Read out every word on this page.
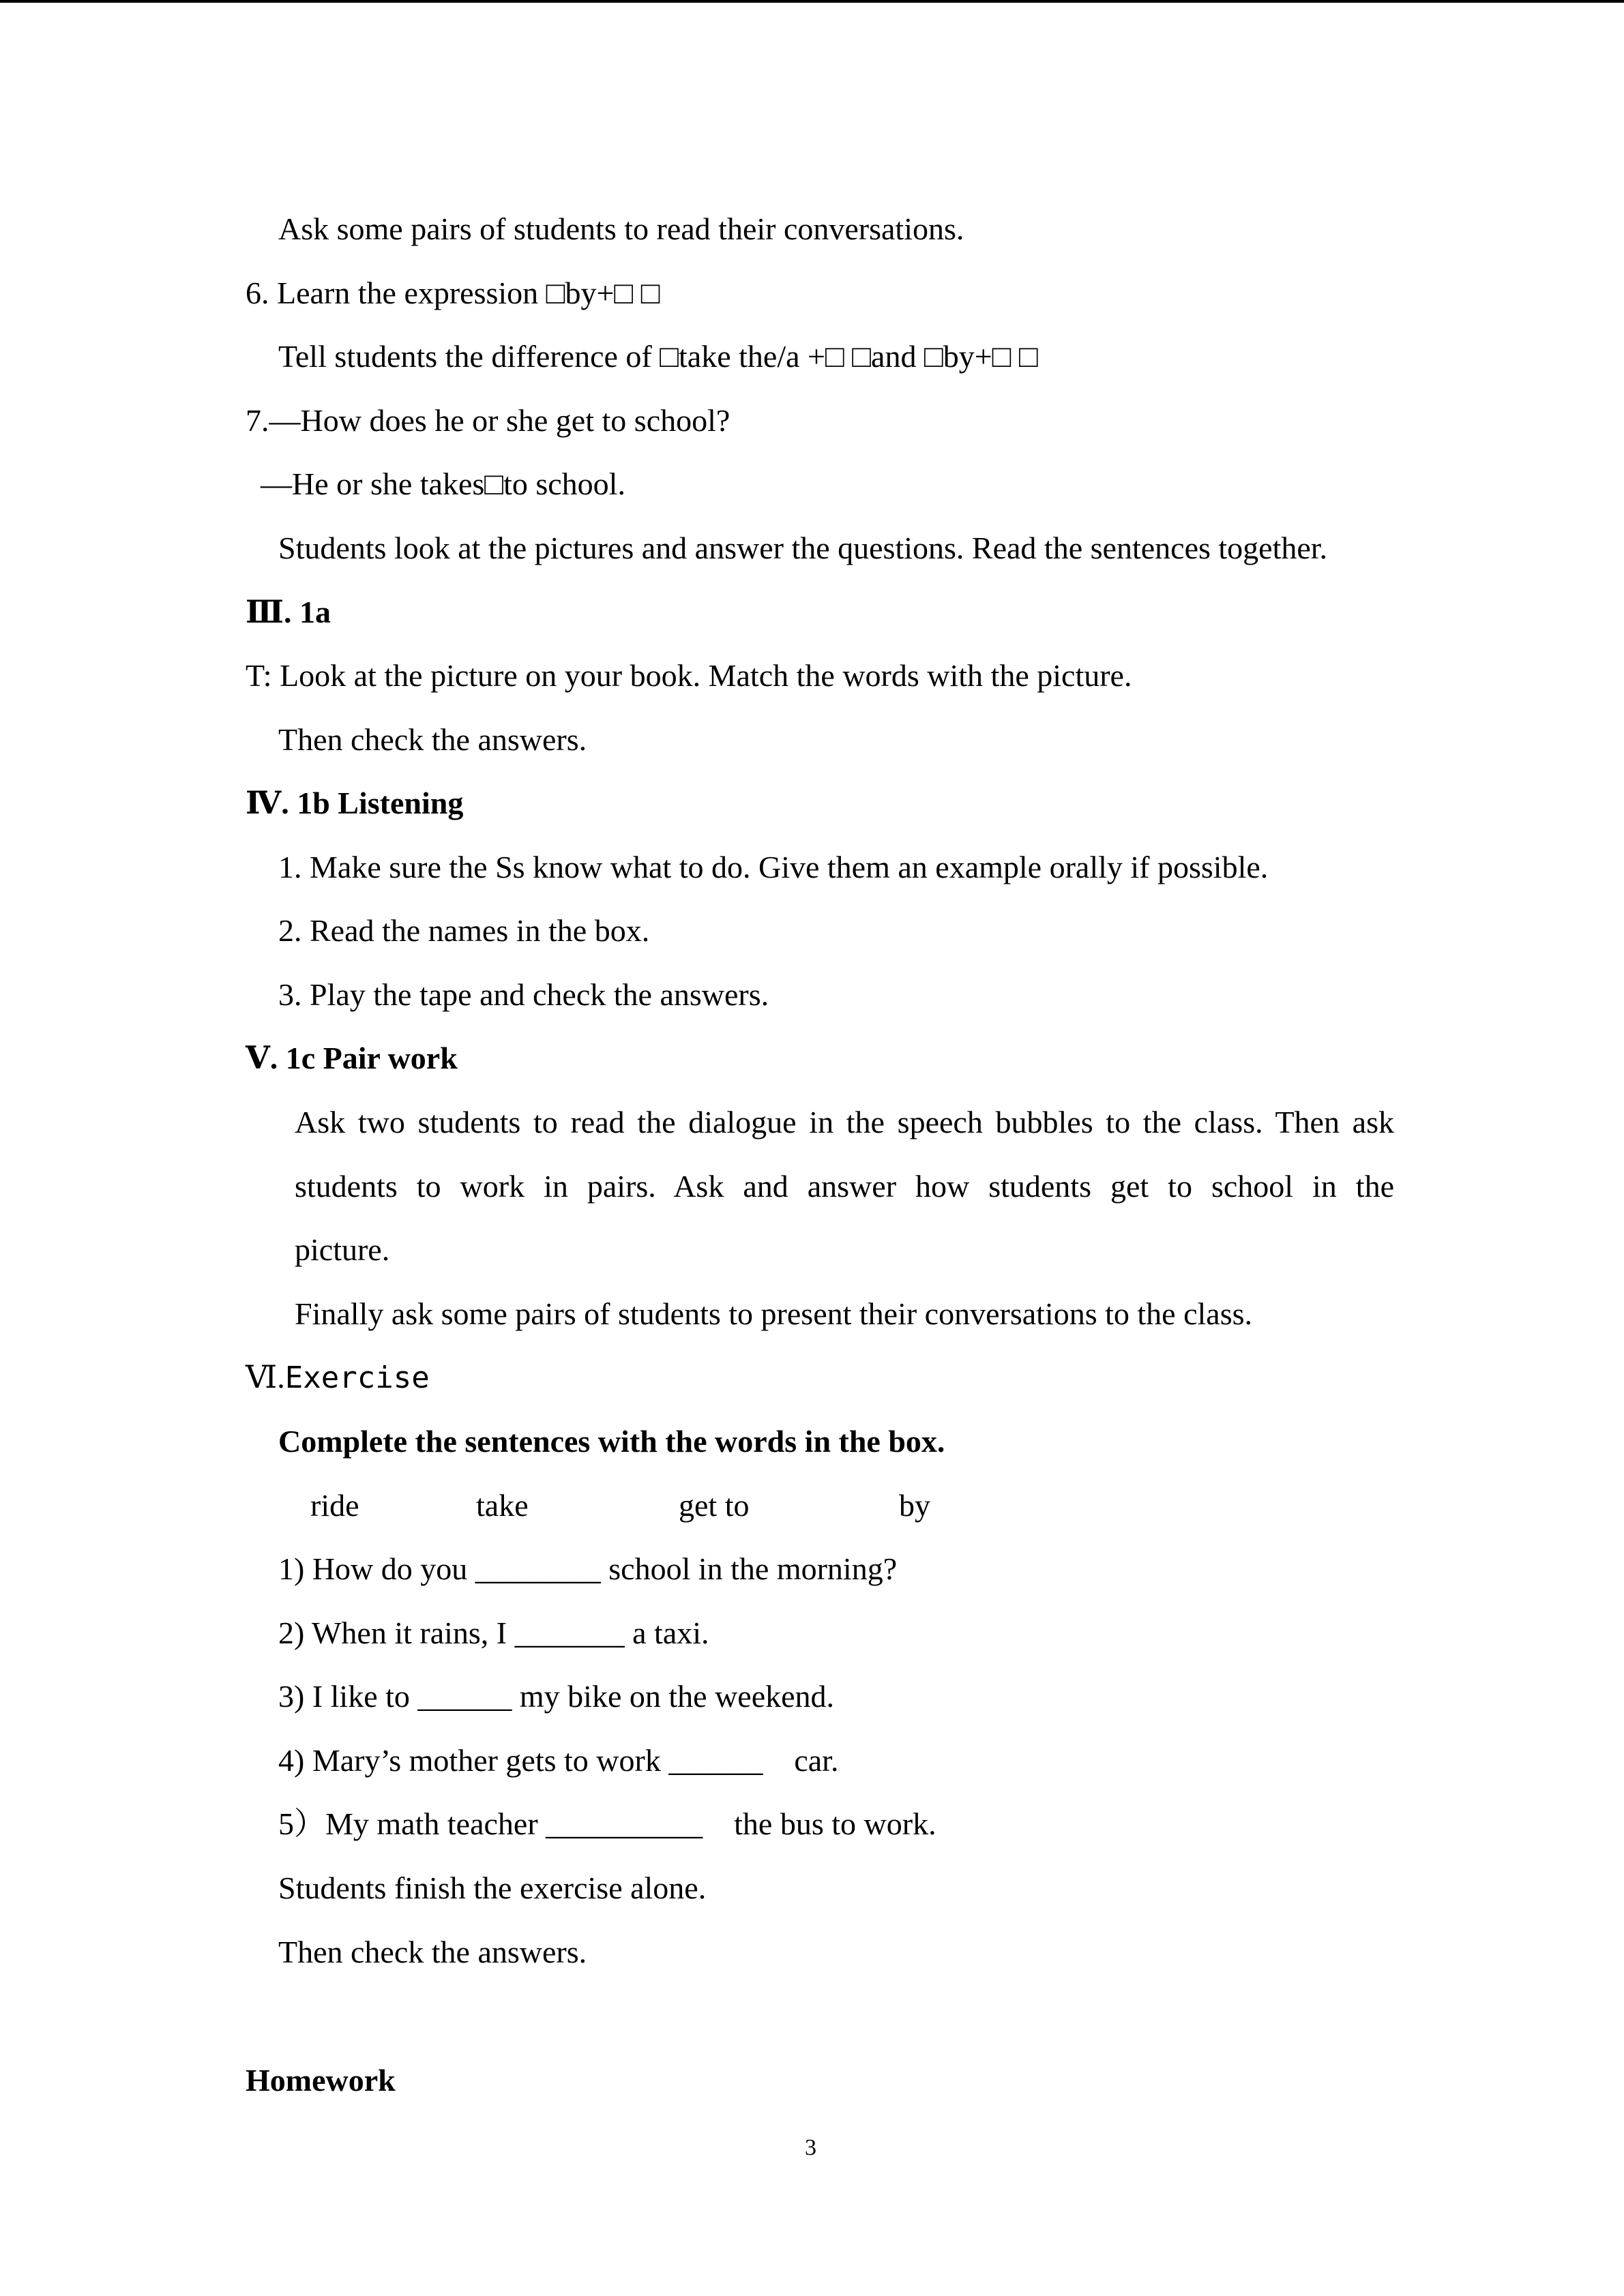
Ask some pairs of students to read their conversations.
6. Learn the expression □by+□ □
Tell students the difference of □take the/a +□ □and □by+□ □
7.—How does he or she get to school?
—He or she takes□to school.
Students look at the pictures and answer the questions. Read the sentences together.
Ⅲ. 1a
T: Look at the picture on your book. Match the words with the picture.
Then check the answers.
Ⅳ. 1b Listening
1. Make sure the Ss know what to do. Give them an example orally if possible.
2. Read the names in the box.
3. Play the tape and check the answers.
Ⅴ. 1c Pair work
Ask two students to read the dialogue in the speech bubbles to the class. Then ask
students to work in pairs. Ask and answer how students get to school in the
picture.
Finally ask some pairs of students to present their conversations to the class.
Ⅵ.Exercise
Complete the sentences with the words in the box.
ride	take	get to	by
1) How do you ________ school in the morning?
2) When it rains, I _______ a taxi.
3) I like to ______ my bike on the weekend.
4) Mary’s mother gets to work ______    car.
5）My math teacher __________    the bus to work.
Students finish the exercise alone.
Then check the answers.
Homework
3
